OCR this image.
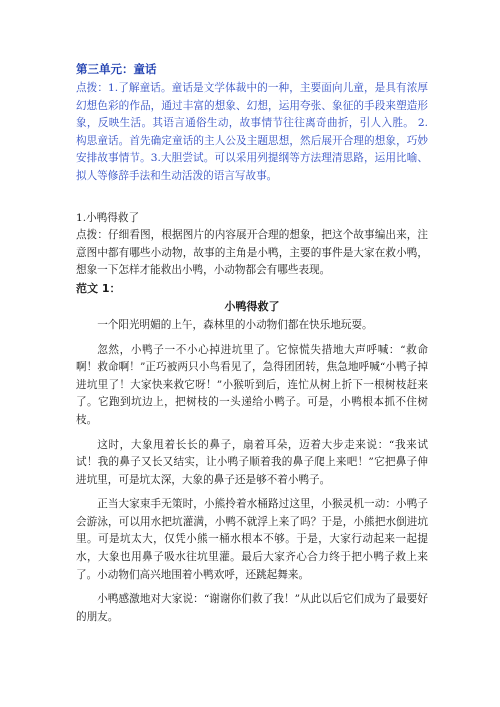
第三单元：童话

点拨：1.了解童话。童话是文学体裁中的一种，主要面向儿童，是具有浓厚幻想色彩的作品，通过丰富的想象、幻想，运用夸张、象征的手段来塑造形象，反映生活。其语言通俗生动，故事情节往往离奇曲折，引人入胜。 2.构思童话。首先确定童话的主人公及主题思想，然后展开合理的想象，巧妙安排故事情节。3.大胆尝试。可以采用列提纲等方法理清思路，运用比喻、拟人等修辞手法和生动活泼的语言写故事。

1.小鸭得救了

点拨：仔细看图，根据图片的内容展开合理的想象，把这个故事编出来，注意图中都有哪些小动物，故事的主角是小鸭，主要的事件是大家在救小鸭，想象一下怎样才能救出小鸭，小动物都会有哪些表现。

范文 1：

小鸭得救了

一个阳光明媚的上午，森林里的小动物们都在快乐地玩耍。

忽然，小鸭子一不小心掉进坑里了。它惊慌失措地大声呼喊：“救命啊！救命啊！”正巧被两只小鸟看见了，急得团团转，焦急地呼喊“小鸭子掉进坑里了！大家快来救它呀！”小猴听到后，连忙从树上折下一根树枝赶来了。它跑到坑边上，把树枝的一头递给小鸭子。可是，小鸭根本抓不住树枝。

这时，大象甩着长长的鼻子，扇着耳朵，迈着大步走来说：“我来试试！我的鼻子又长又结实，让小鸭子顺着我的鼻子爬上来吧！”它把鼻子伸进坑里，可是坑太深，大象的鼻子还是够不着小鸭子。

正当大家束手无策时，小熊拎着水桶路过这里，小猴灵机一动：小鸭子会游泳，可以用水把坑灌满，小鸭不就浮上来了吗？于是，小熊把水倒进坑里。可是坑太大，仅凭小熊一桶水根本不够。于是，大家行动起来一起提水，大象也用鼻子吸水往坑里灌。最后大家齐心合力终于把小鸭子救上来了。小动物们高兴地围着小鸭欢呼，还跳起舞来。

小鸭感激地对大家说：“谢谢你们救了我！”从此以后它们成为了最要好的朋友。
